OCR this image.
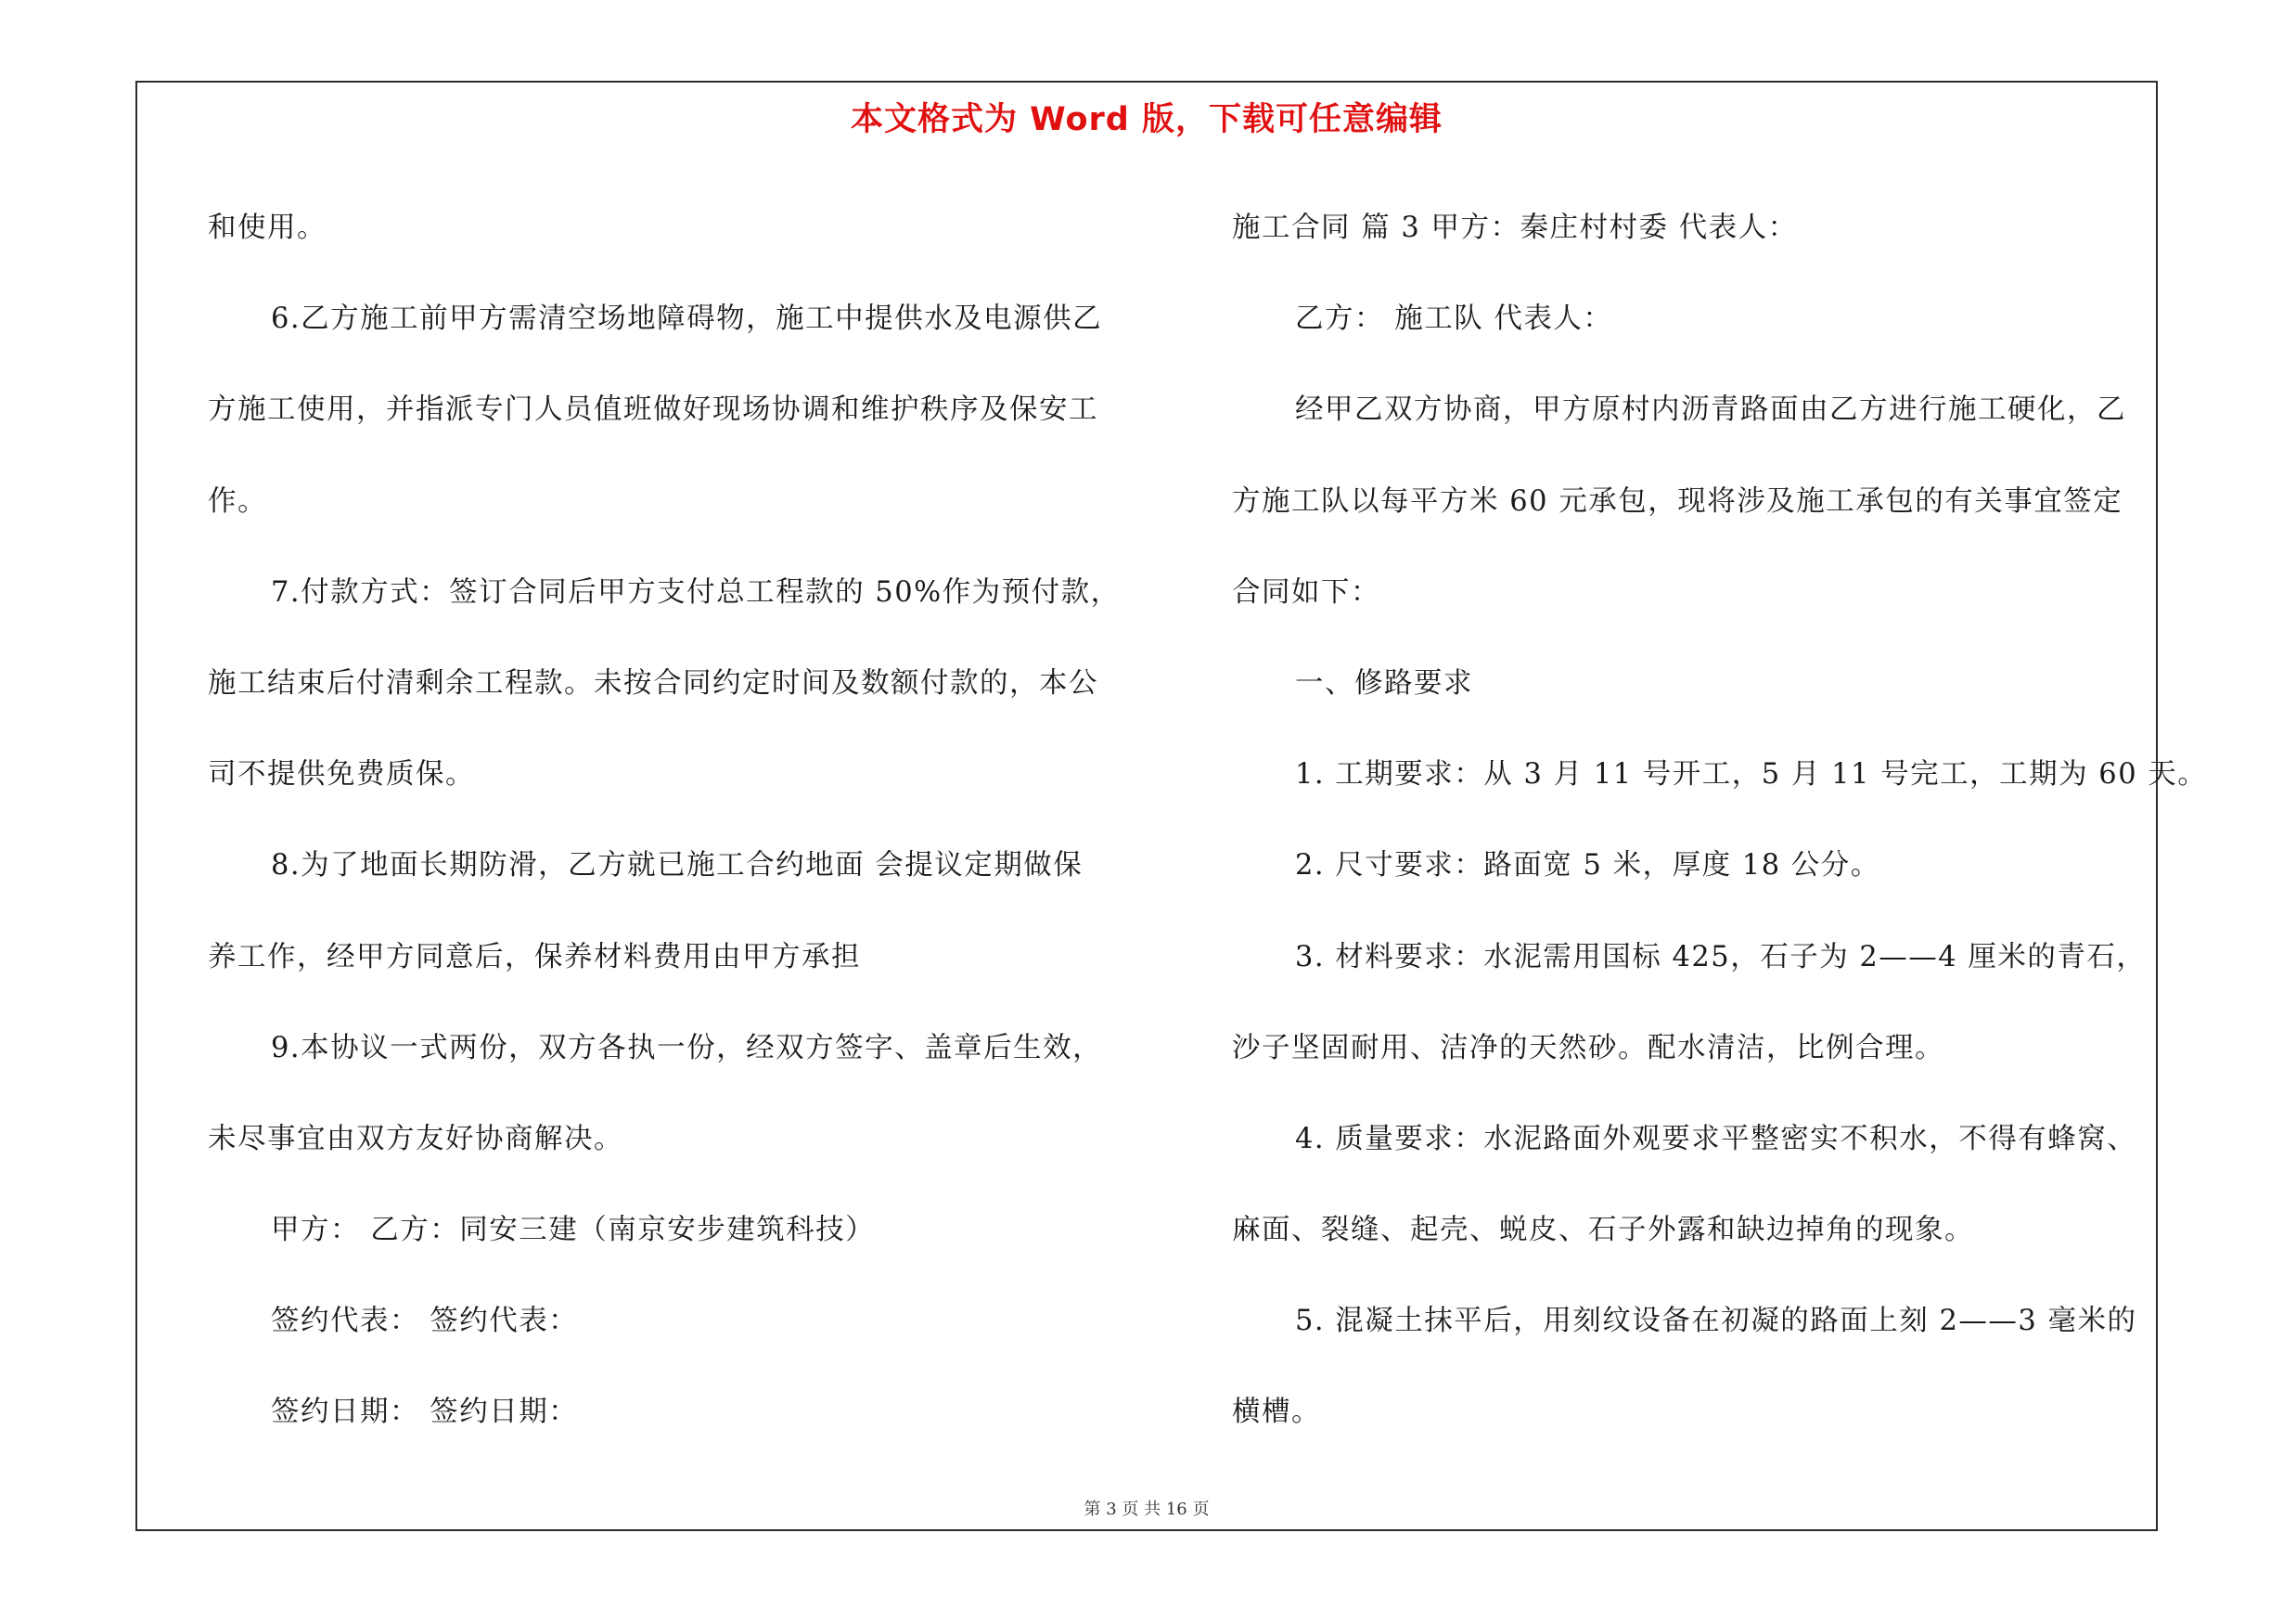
本文格式为 Word 版，下载可任意编辑
和使用。
6.乙方施工前甲方需清空场地障碍物，施工中提供水及电源供乙
方施工使用，并指派专门人员值班做好现场协调和维护秩序及保安工
作。
7.付款方式：签订合同后甲方支付总工程款的 50%作为预付款，
施工结束后付清剩余工程款。未按合同约定时间及数额付款的，本公
司不提供免费质保。
8.为了地面长期防滑，乙方就已施工合约地面 会提议定期做保
养工作，经甲方同意后，保养材料费用由甲方承担
9.本协议一式两份，双方各执一份，经双方签字、盖章后生效，
未尽事宜由双方友好协商解决。
甲方： 乙方：同安三建（南京安步建筑科技）
签约代表： 签约代表：
签约日期： 签约日期：
施工合同 篇 3 甲方：秦庄村村委 代表人：
乙方： 施工队 代表人：
经甲乙双方协商，甲方原村内沥青路面由乙方进行施工硬化，乙
方施工队以每平方米 60 元承包，现将涉及施工承包的有关事宜签定
合同如下：
一、修路要求
1. 工期要求：从 3 月 11 号开工，5 月 11 号完工，工期为 60 天。
2. 尺寸要求：路面宽 5 米，厚度 18 公分。
3. 材料要求：水泥需用国标 425，石子为 2——4 厘米的青石，
沙子坚固耐用、洁净的天然砂。配水清洁，比例合理。
4. 质量要求：水泥路面外观要求平整密实不积水，不得有蜂窝、
麻面、裂缝、起壳、蜕皮、石子外露和缺边掉角的现象。
5. 混凝土抹平后，用刻纹设备在初凝的路面上刻 2——3 毫米的
横槽。
第 3 页 共 16 页
